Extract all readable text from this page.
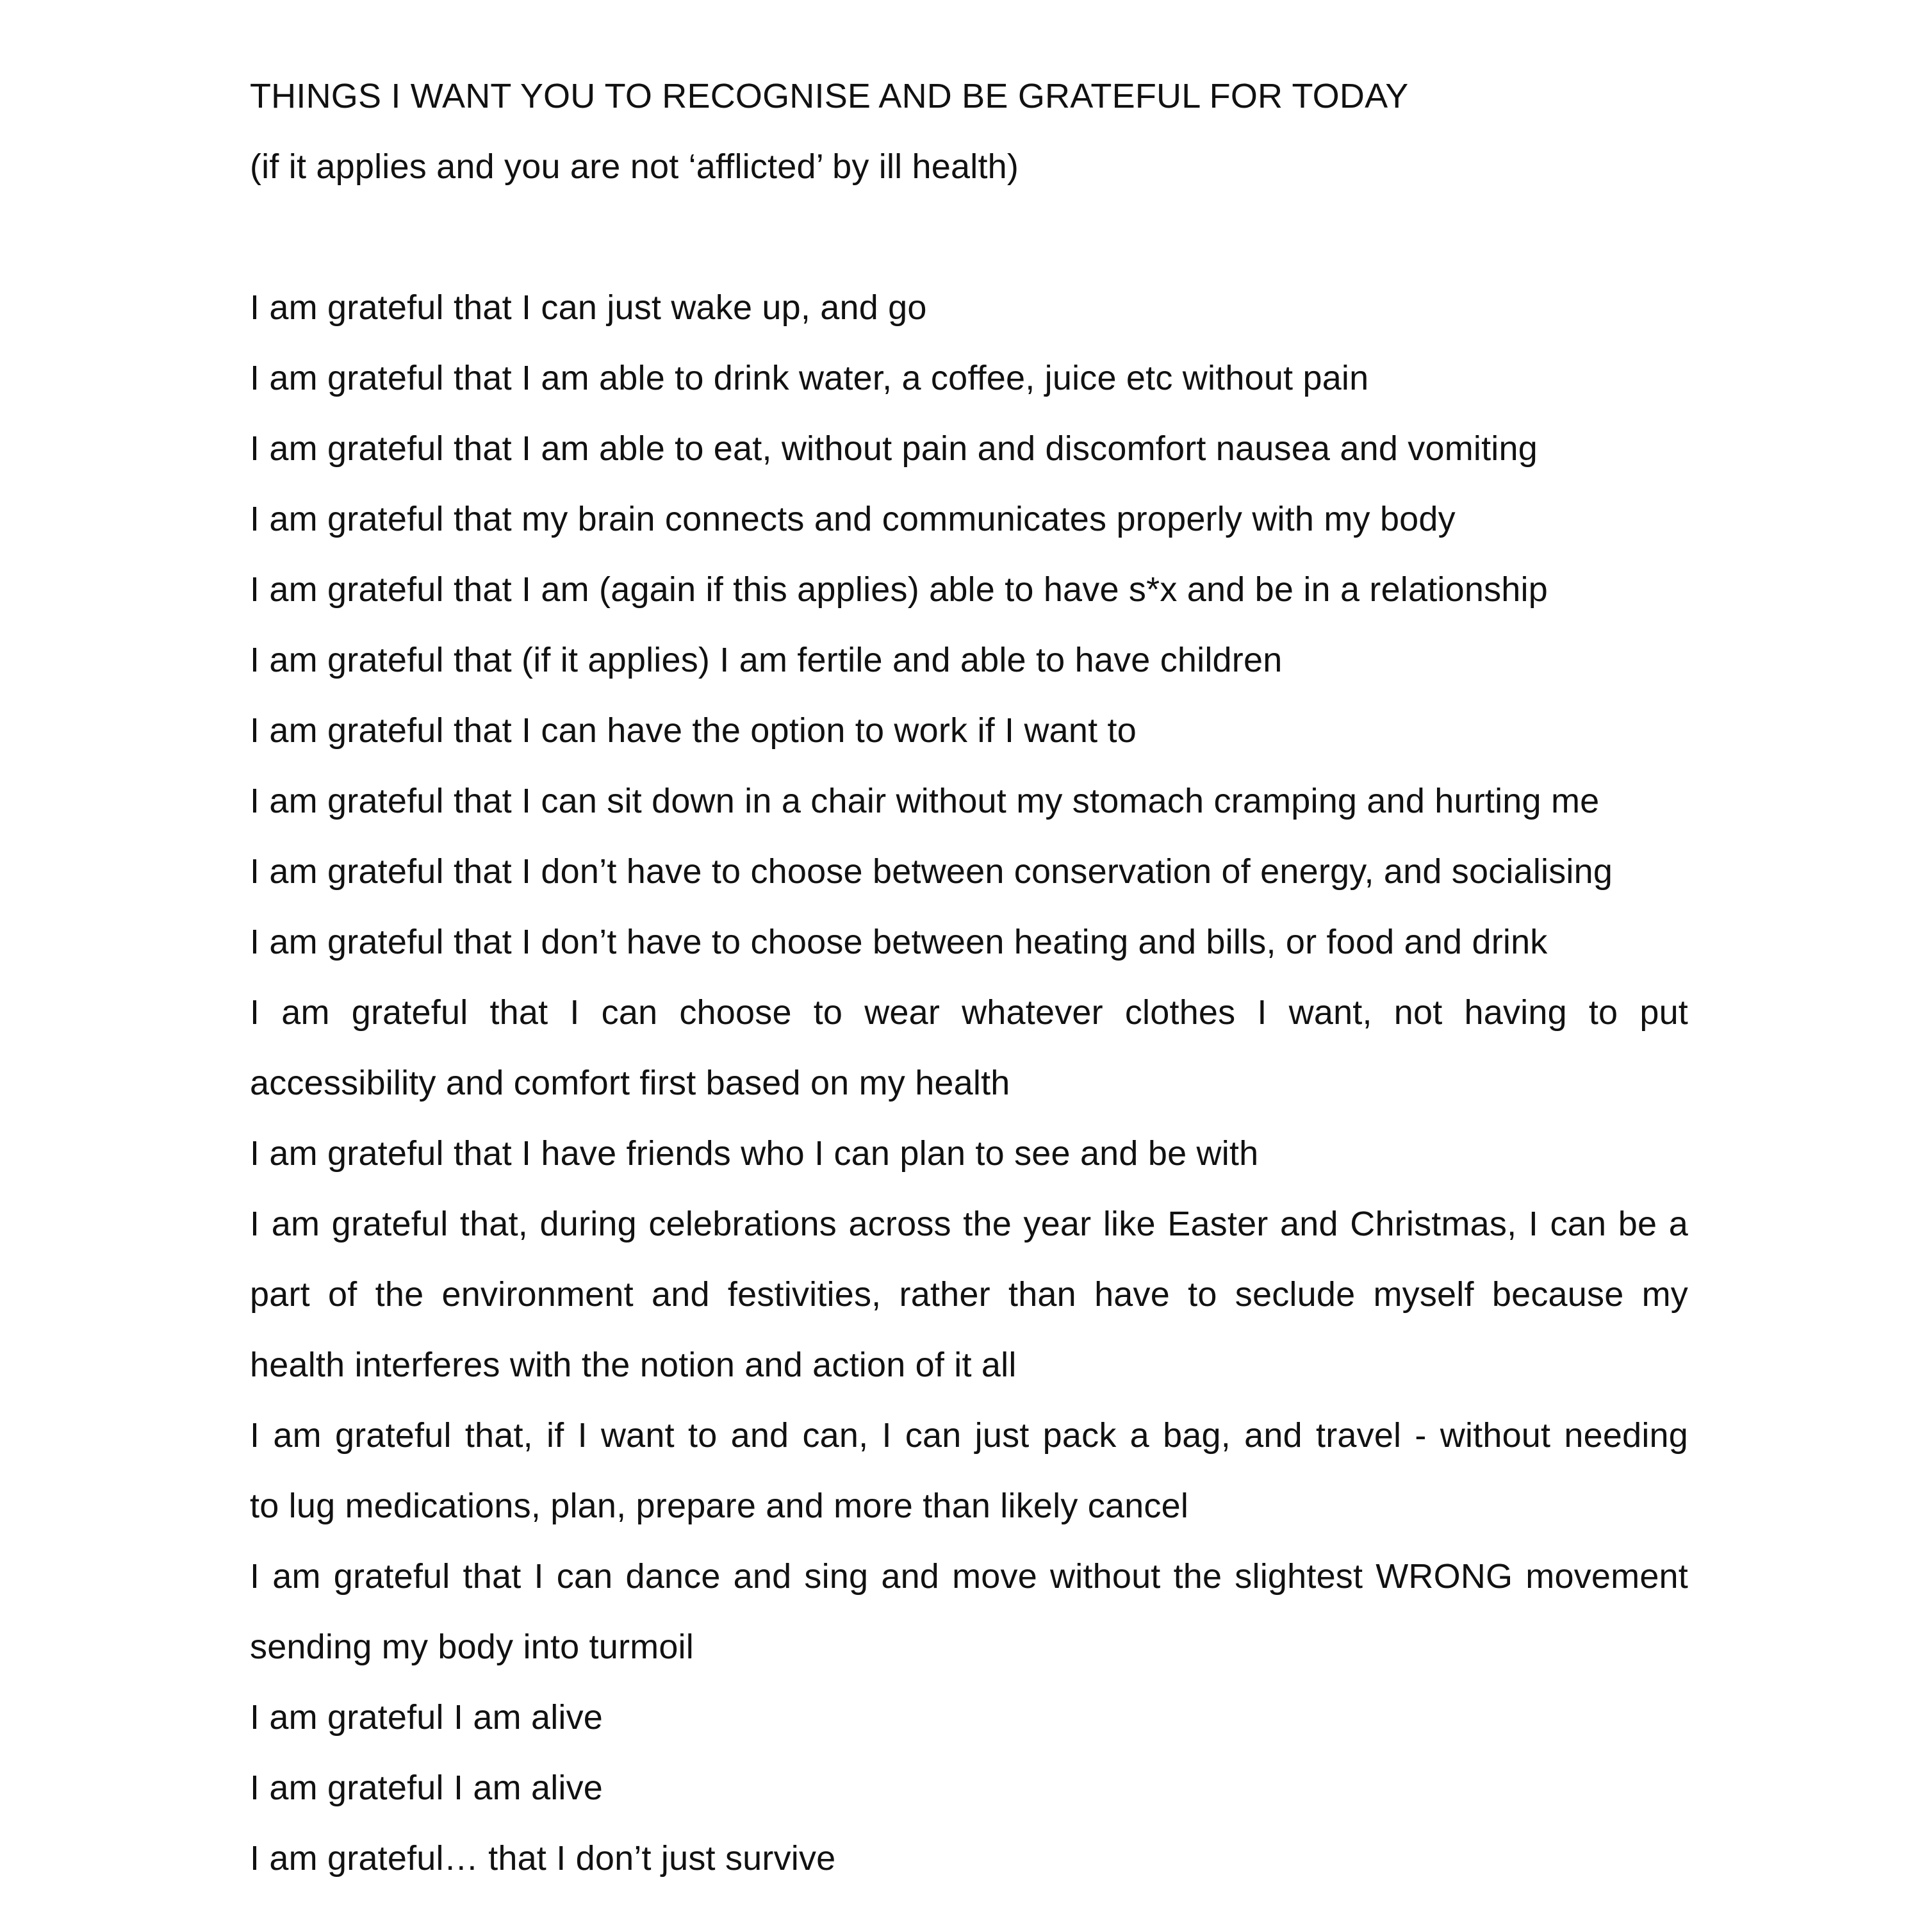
THINGS I WANT YOU TO RECOGNISE AND BE GRATEFUL FOR TODAY
(if it applies and you are not ‘afflicted’ by ill health)
I am grateful that I can just wake up, and go
I am grateful that I am able to drink water, a coffee, juice etc without pain
I am grateful that I am able to eat, without pain and discomfort nausea and vomiting
I am grateful that my brain connects and communicates properly with my body
I am grateful that I am (again if this applies) able to have s*x and be in a relationship
I am grateful that (if it applies) I am fertile and able to have children
I am grateful that I can have the option to work if I want to
I am grateful that I can sit down in a chair without my stomach cramping and hurting me
I am grateful that I don’t have to choose between conservation of energy, and socialising
I am grateful that I don’t have to choose between heating and bills, or food and drink
I am grateful that I can choose to wear whatever clothes I want, not having to put
accessibility and comfort first based on my health
I am grateful that I have friends who I can plan to see and be with
I am grateful that, during celebrations across the year like Easter and Christmas, I can be a
part of the environment and festivities, rather than have to seclude myself because my
health interferes with the notion and action of it all
I am grateful that, if I want to and can, I can just pack a bag, and travel - without needing
to lug medications, plan, prepare and more than likely cancel
I am grateful that I can dance and sing and move without the slightest WRONG movement
sending my body into turmoil
I am grateful I am alive
I am grateful I am alive
I am grateful… that I don’t just survive
